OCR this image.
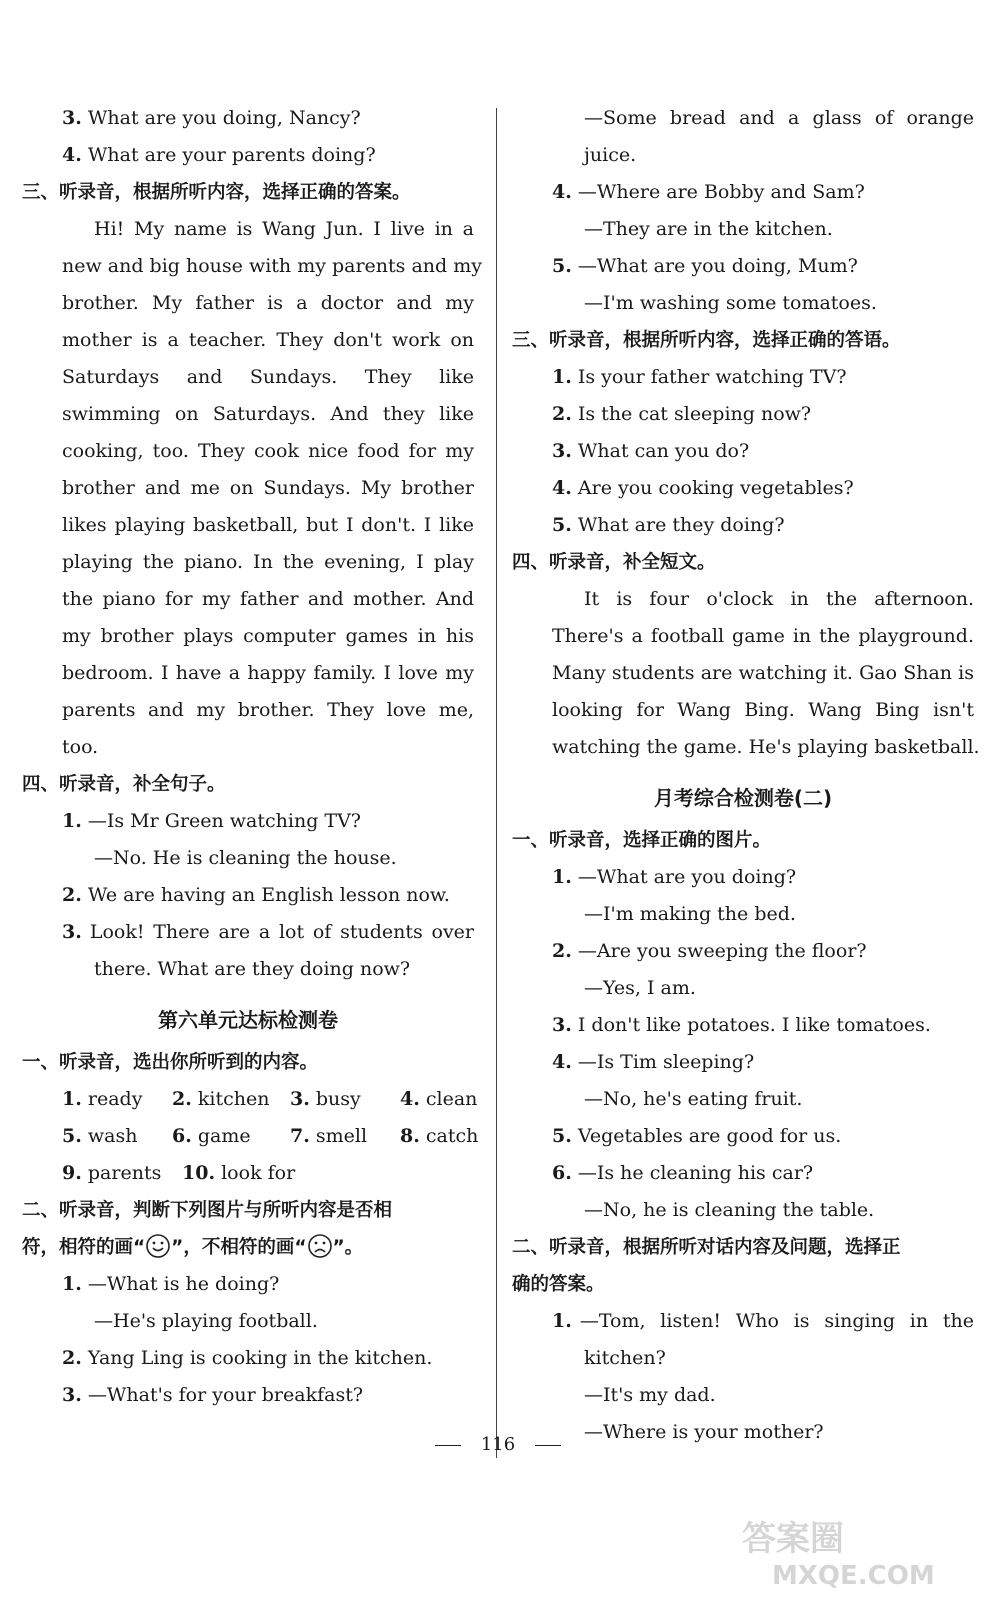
3. What are you doing, Nancy?
4. What are your parents doing?
三、听录音，根据所听内容，选择正确的答案。
Hi! My name is Wang Jun. I live in a
new and big house with my parents and my
brother. My father is a doctor and my
mother is a teacher. They don't work on
Saturdays and Sundays. They like
swimming on Saturdays. And they like
cooking, too. They cook nice food for my
brother and me on Sundays. My brother
likes playing basketball, but I don't. I like
playing the piano. In the evening, I play
the piano for my father and mother. And
my brother plays computer games in his
bedroom. I have a happy family. I love my
parents and my brother. They love me,
too.
四、听录音，补全句子。
1. —Is Mr Green watching TV?
—No. He is cleaning the house.
2. We are having an English lesson now.
3. Look! There are a lot of students over
there. What are they doing now?
第六单元达标检测卷
一、听录音，选出你所听到的内容。
1. ready 2. kitchen 3. busy 4. clean
5. wash 6. game 7. smell 8. catch
9. parents 10. look for
二、听录音，判断下列图片与所听内容是否相
符，相符的画“ ”，不相符的画“ ”。
1. —What is he doing?
—He's playing football.
2. Yang Ling is cooking in the kitchen.
3. —What's for your breakfast?
—Some bread and a glass of orange
juice.
4. —Where are Bobby and Sam?
—They are in the kitchen.
5. —What are you doing, Mum?
—I'm washing some tomatoes.
三、听录音，根据所听内容，选择正确的答语。
1. Is your father watching TV?
2. Is the cat sleeping now?
3. What can you do?
4. Are you cooking vegetables?
5. What are they doing?
四、听录音，补全短文。
It is four o'clock in the afternoon.
There's a football game in the playground.
Many students are watching it. Gao Shan is
looking for Wang Bing. Wang Bing isn't
watching the game. He's playing basketball.
月考综合检测卷(二)
一、听录音，选择正确的图片。
1. —What are you doing?
—I'm making the bed.
2. —Are you sweeping the floor?
—Yes, I am.
3. I don't like potatoes. I like tomatoes.
4. —Is Tim sleeping?
—No, he's eating fruit.
5. Vegetables are good for us.
6. —Is he cleaning his car?
—No, he is cleaning the table.
二、听录音，根据所听对话内容及问题，选择正
确的答案。
1. —Tom, listen! Who is singing in the
kitchen?
—It's my dad.
—Where is your mother?
116
答案圈
MXQE.COM
